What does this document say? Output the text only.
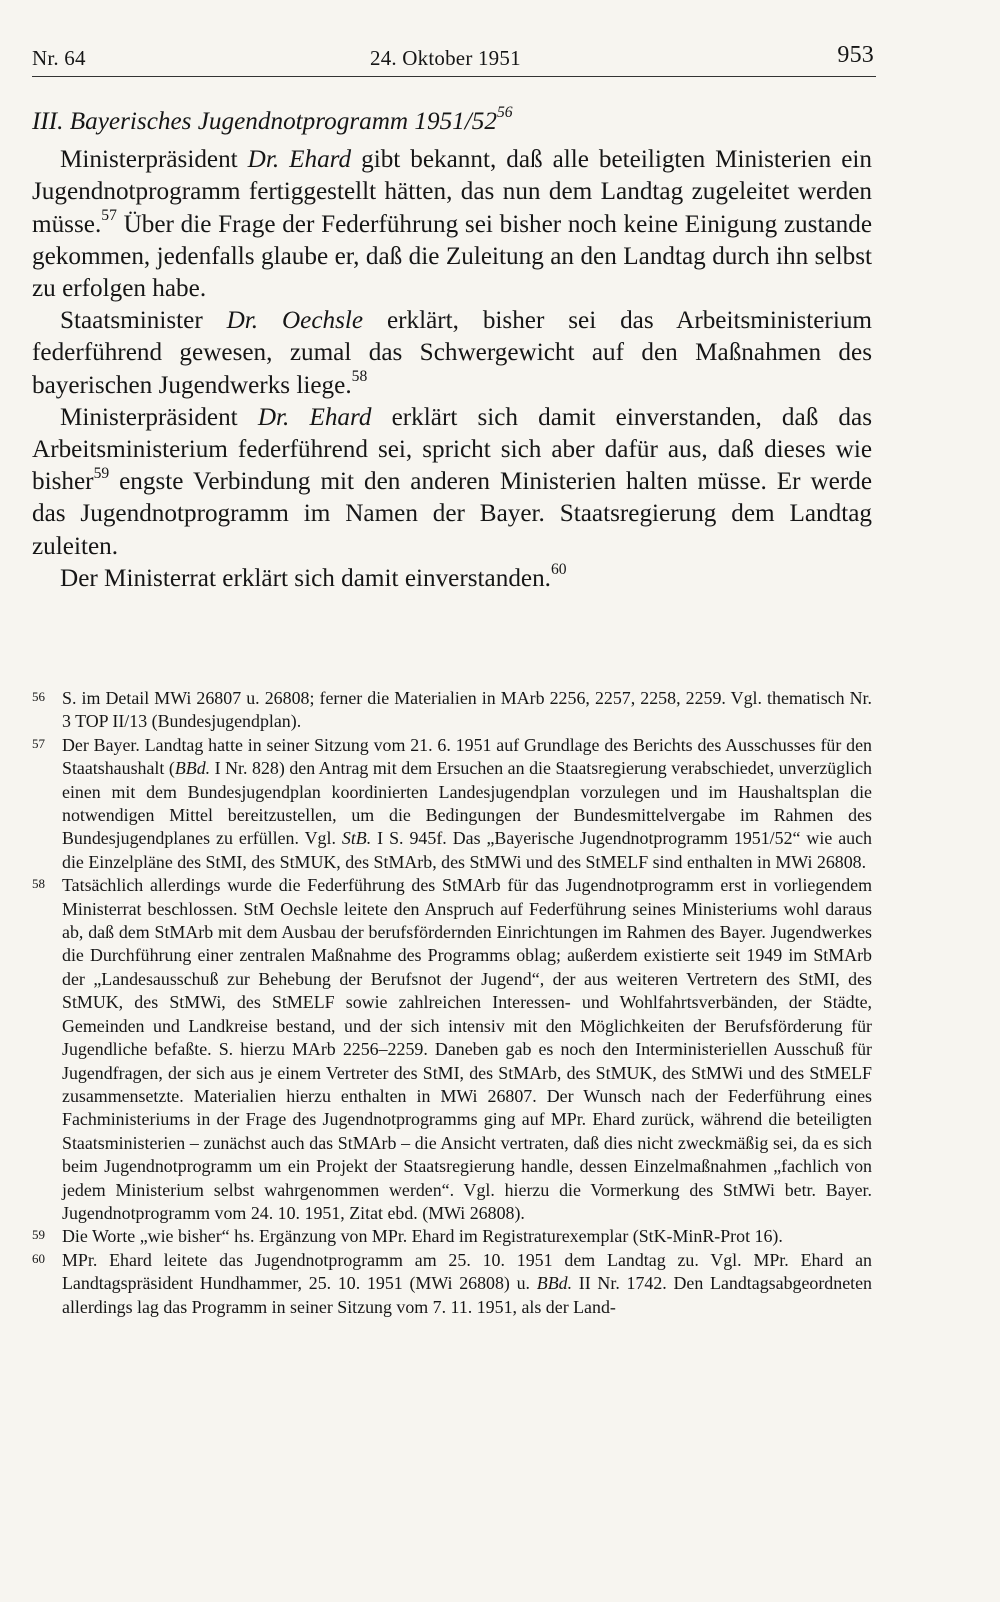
Nr. 64	24. Oktober 1951	953

III. Bayerisches Jugendnotprogramm $1951/52^{56}$

Ministerpräsident Dr. Ehard gibt bekannt, daß alle beteiligten Ministerien ein Jugendnotprogramm fertiggestellt hätten, das nun dem Landtag zugeleitet werden müsse.$^{57}$ Über die Frage der Federführung sei bisher noch keine Einigung zustande gekommen, jedenfalls glaube er, daß die Zuleitung an den Landtag durch ihn selbst zu erfolgen habe.

Staatsminister Dr. Oechsle erklärt, bisher sei das Arbeitsministerium federführend gewesen, zumal das Schwergewicht auf den Maßnahmen des bayerischen Jugendwerks liege.$^{58}$

Ministerpräsident Dr. Ehard erklärt sich damit einverstanden, daß das Arbeitsministerium federführend sei, spricht sich aber dafür aus, daß dieses wie bisher$^{59}$ engste Verbindung mit den anderen Ministerien halten müsse. Er werde das Jugendnotprogramm im Namen der Bayer. Staatsregierung dem Landtag zuleiten.

Der Ministerrat erklärt sich damit einverstanden.$^{60}$

56 S. im Detail MWi 26807 u. 26808; ferner die Materialien in MArb 2256, 2257, 2258, 2259. Vgl. thematisch Nr. 3 TOP II/13 (Bundesjugendplan).
57 Der Bayer. Landtag hatte in seiner Sitzung vom 21. 6. 1951 auf Grundlage des Berichts des Ausschusses für den Staatshaushalt (BBd. I Nr. 828) den Antrag mit dem Ersuchen an die Staatsregierung verabschiedet, unverzüglich einen mit dem Bundesjugendplan koordinierten Landesjugendplan vorzulegen und im Haushaltsplan die notwendigen Mittel bereitzustellen, um die Bedingungen der Bundesmittelvergabe im Rahmen des Bundesjugendplanes zu erfüllen. Vgl. StB. I S. 945f. Das „Bayerische Jugendnotprogramm 1951/52“ wie auch die Einzelpläne des StMI, des StMUK, des StMArb, des StMWi und des StMELF sind enthalten in MWi 26808.
58 Tatsächlich allerdings wurde die Federführung des StMArb für das Jugendnotprogramm erst in vorliegendem Ministerrat beschlossen. StM Oechsle leitete den Anspruch auf Federführung seines Ministeriums wohl daraus ab, daß dem StMArb mit dem Ausbau der berufsfördernden Einrichtungen im Rahmen des Bayer. Jugendwerkes die Durchführung einer zentralen Maßnahme des Programms oblag; außerdem existierte seit 1949 im StMArb der „Landesausschuß zur Behebung der Berufsnot der Jugend“, der aus weiteren Vertretern des StMI, des StMUK, des StMWi, des StMELF sowie zahlreichen Interessen- und Wohlfahrtsverbänden, der Städte, Gemeinden und Landkreise bestand, und der sich intensiv mit den Möglichkeiten der Berufsförderung für Jugendliche befaßte. S. hierzu MArb 2256–2259. Daneben gab es noch den Interministeriellen Ausschuß für Jugendfragen, der sich aus je einem Vertreter des StMI, des StMArb, des StMUK, des StMWi und des StMELF zusammensetzte. Materialien hierzu enthalten in MWi 26807. Der Wunsch nach der Federführung eines Fachministeriums in der Frage des Jugendnotprogramms ging auf MPr. Ehard zurück, während die beteiligten Staatsministerien – zunächst auch das StMArb – die Ansicht vertraten, daß dies nicht zweckmäßig sei, da es sich beim Jugendnotprogramm um ein Projekt der Staatsregierung handle, dessen Einzelmaßnahmen „fachlich von jedem Ministerium selbst wahrgenommen werden“. Vgl. hierzu die Vormerkung des StMWi betr. Bayer. Jugendnotprogramm vom 24. 10. 1951, Zitat ebd. (MWi 26808).
59 Die Worte „wie bisher“ hs. Ergänzung von MPr. Ehard im Registraturexemplar (StK-MinR-Prot 16).
60 MPr. Ehard leitete das Jugendnotprogramm am 25. 10. 1951 dem Landtag zu. Vgl. MPr. Ehard an Landtagspräsident Hundhammer, 25. 10. 1951 (MWi 26808) u. BBd. II Nr. 1742. Den Landtagsabgeordneten allerdings lag das Programm in seiner Sitzung vom 7. 11. 1951, als der Land-
